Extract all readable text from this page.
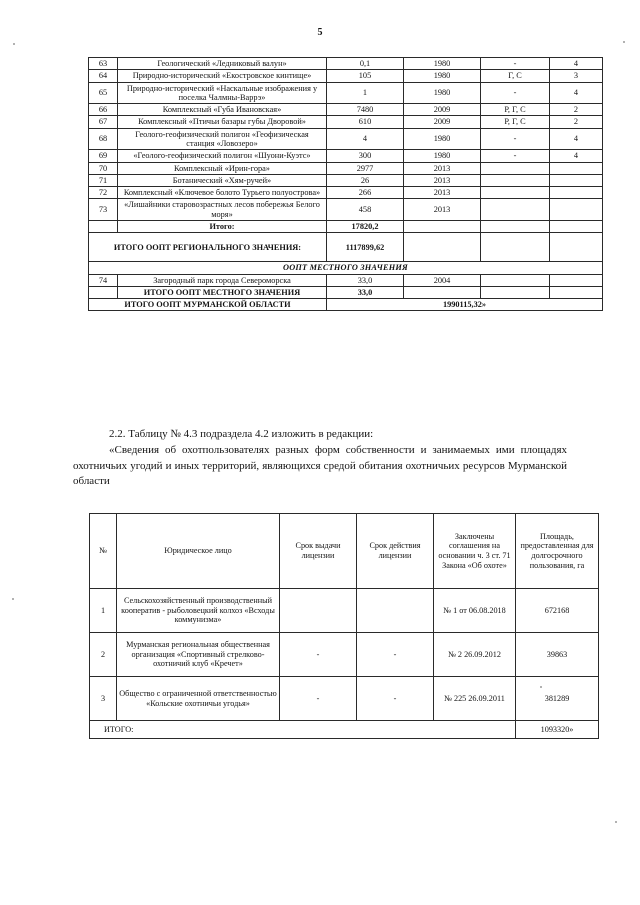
5
63	Геологический «Ледниковый валун»	0,1	1980	-	4
64	Природно-исторический «Екостровское кинтище»	105	1980	Г, С	3
65	Природно-исторический «Наскальные изображения у поселка Чалмны-Варрэ»	1	1980	-	4
66	Комплексный «Губа Ивановская»	7480	2009	Р, Г, С	2
67	Комплексный «Птичьи базары губы Дворовой»	610	2009	Р, Г, С	2
68	Геолого-геофизический полигон «Геофизическая станция «Ловозеро»	4	1980	-	4
69	«Геолого-геофизический полигон «Шуони-Куэтс»	300	1980	-	4
70	Комплексный «Ирин-гора»	2977	2013		
71	Ботанический «Хям-ручей»	26	2013		
72	Комплексный «Ключевое болото Турьего полуострова»	266	2013		
73	«Лишайники старовозрастных лесов побережья Белого моря»	458	2013		
	Итого:	17820,2			
ИТОГО ООПТ РЕГИОНАЛЬНОГО ЗНАЧЕНИЯ:		1117899,62			
ООПТ МЕСТНОГО ЗНАЧЕНИЯ					
74	Загородный парк города Североморска	33,0	2004		
	ИТОГО ООПТ МЕСТНОГО ЗНАЧЕНИЯ	33,0			
ИТОГО ООПТ МУРМАНСКОЙ ОБЛАСТИ		1990115,32»			

2.2. Таблицу № 4.3 подраздела 4.2 изложить в редакции:

«Сведения об охотпользователях разных форм собственности и занимаемых ими площадях охотничьих угодий и иных территорий, являющихся средой обитания охотничьих ресурсов Мурманской области

№	Юридическое лицо	Срок выдачи лицензии	Срок действия лицензии	Заключены соглашения на основании ч. 3 ст. 71 Закона «Об охоте»	Площадь, предоставленная для долгосрочного пользования, га
1	Сельскохозяйственный производственный кооператив - рыболовецкий колхоз «Всходы коммунизма»			№ 1 от 06.08.2018	672168
2	Мурманская региональная общественная организация «Спортивный стрелково-охотничий клуб «Кречет»	-	-	№ 2 26.09.2012	39863
3	Общество с ограниченной ответственностью «Кольские охотничьи угодья»	-	-	№ 225 26.09.2011	381289
ИТОГО:					1093320»
